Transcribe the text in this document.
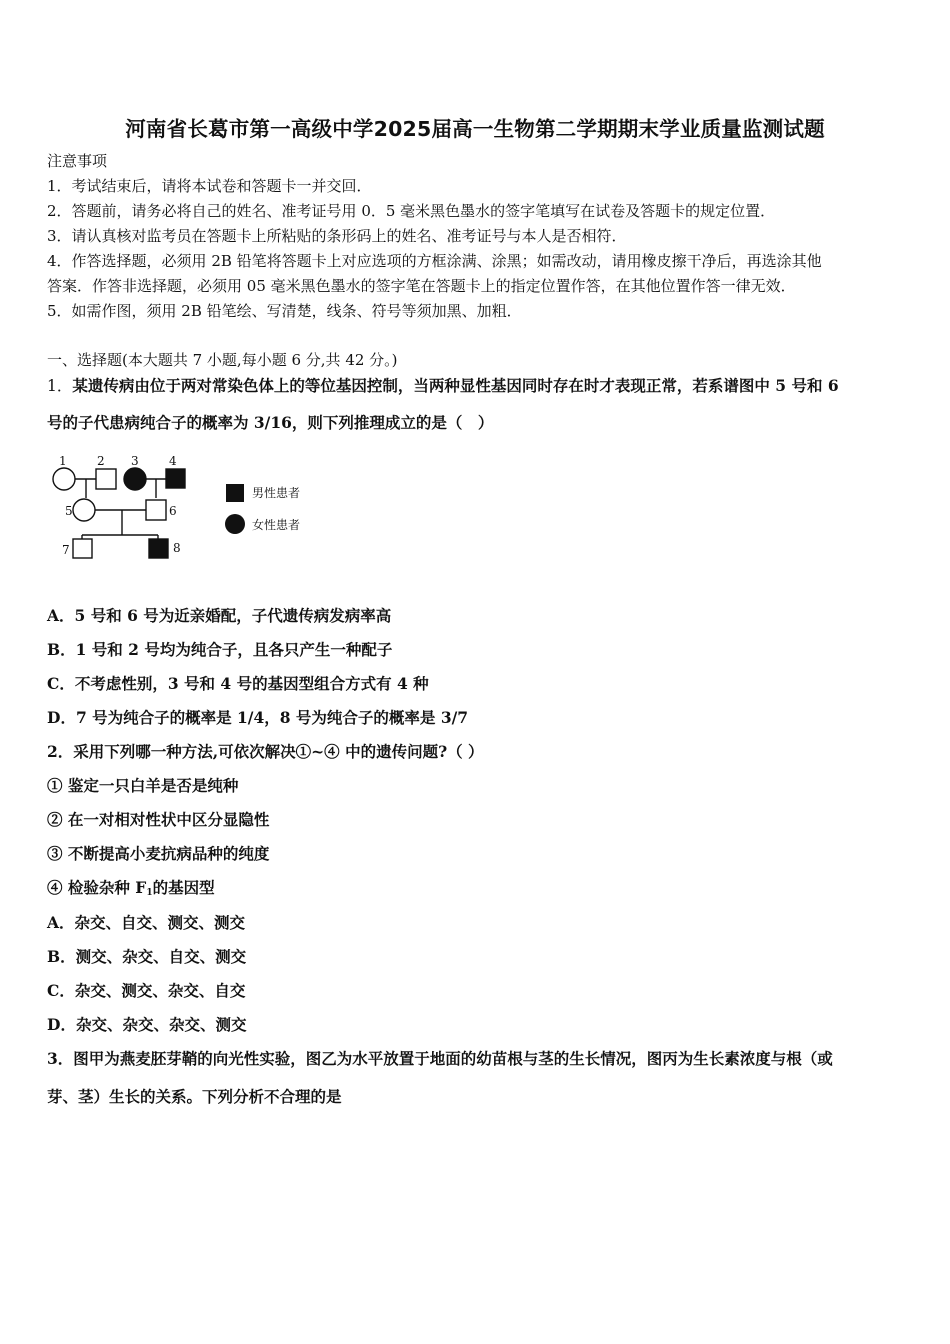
河南省长葛市第一高级中学2025届高一生物第二学期期末学业质量监测试题
注意事项
1．考试结束后，请将本试卷和答题卡一并交回．
2．答题前，请务必将自己的姓名、准考证号用 0．5 毫米黑色墨水的签字笔填写在试卷及答题卡的规定位置．
3．请认真核对监考员在答题卡上所粘贴的条形码上的姓名、准考证号与本人是否相符．
4．作答选择题，必须用 2B 铅笔将答题卡上对应选项的方框涂满、涂黑；如需改动，请用橡皮擦干净后，再选涂其他
答案．作答非选择题，必须用 05 毫米黑色墨水的签字笔在答题卡上的指定位置作答，在其他位置作答一律无效．
5．如需作图，须用 2B 铅笔绘、写清楚，线条、符号等须加黑、加粗．
一、选择题(本大题共 7 小题,每小题 6 分,共 42 分。)
1．某遗传病由位于两对常染色体上的等位基因控制，当两种显性基因同时存在时才表现正常，若系谱图中 5 号和 6
号的子代患病纯合子的概率为 3/16，则下列推理成立的是（　）
1	2 3	4
5	6
7	8
男性患者
女性患者
A．5 号和 6 号为近亲婚配，子代遗传病发病率高
B．1 号和 2 号均为纯合子，且各只产生一种配子
C．不考虑性别，3 号和 4 号的基因型组合方式有 4 种
D．7 号为纯合子的概率是 1/4，8 号为纯合子的概率是 3/7
2．采用下列哪一种方法,可依次解决①~④ 中的遗传问题?（ ）
① 鉴定一只白羊是否是纯种
② 在一对相对性状中区分显隐性
③ 不断提高小麦抗病品种的纯度
④ 检验杂种 $F_1$的基因型
A．杂交、自交、测交、测交
B．测交、杂交、自交、测交
C．杂交、测交、杂交、自交
D．杂交、杂交、杂交、测交
3．图甲为燕麦胚芽鞘的向光性实验，图乙为水平放置于地面的幼苗根与茎的生长情况，图丙为生长素浓度与根（或
芽、茎）生长的关系。下列分析不合理的是
